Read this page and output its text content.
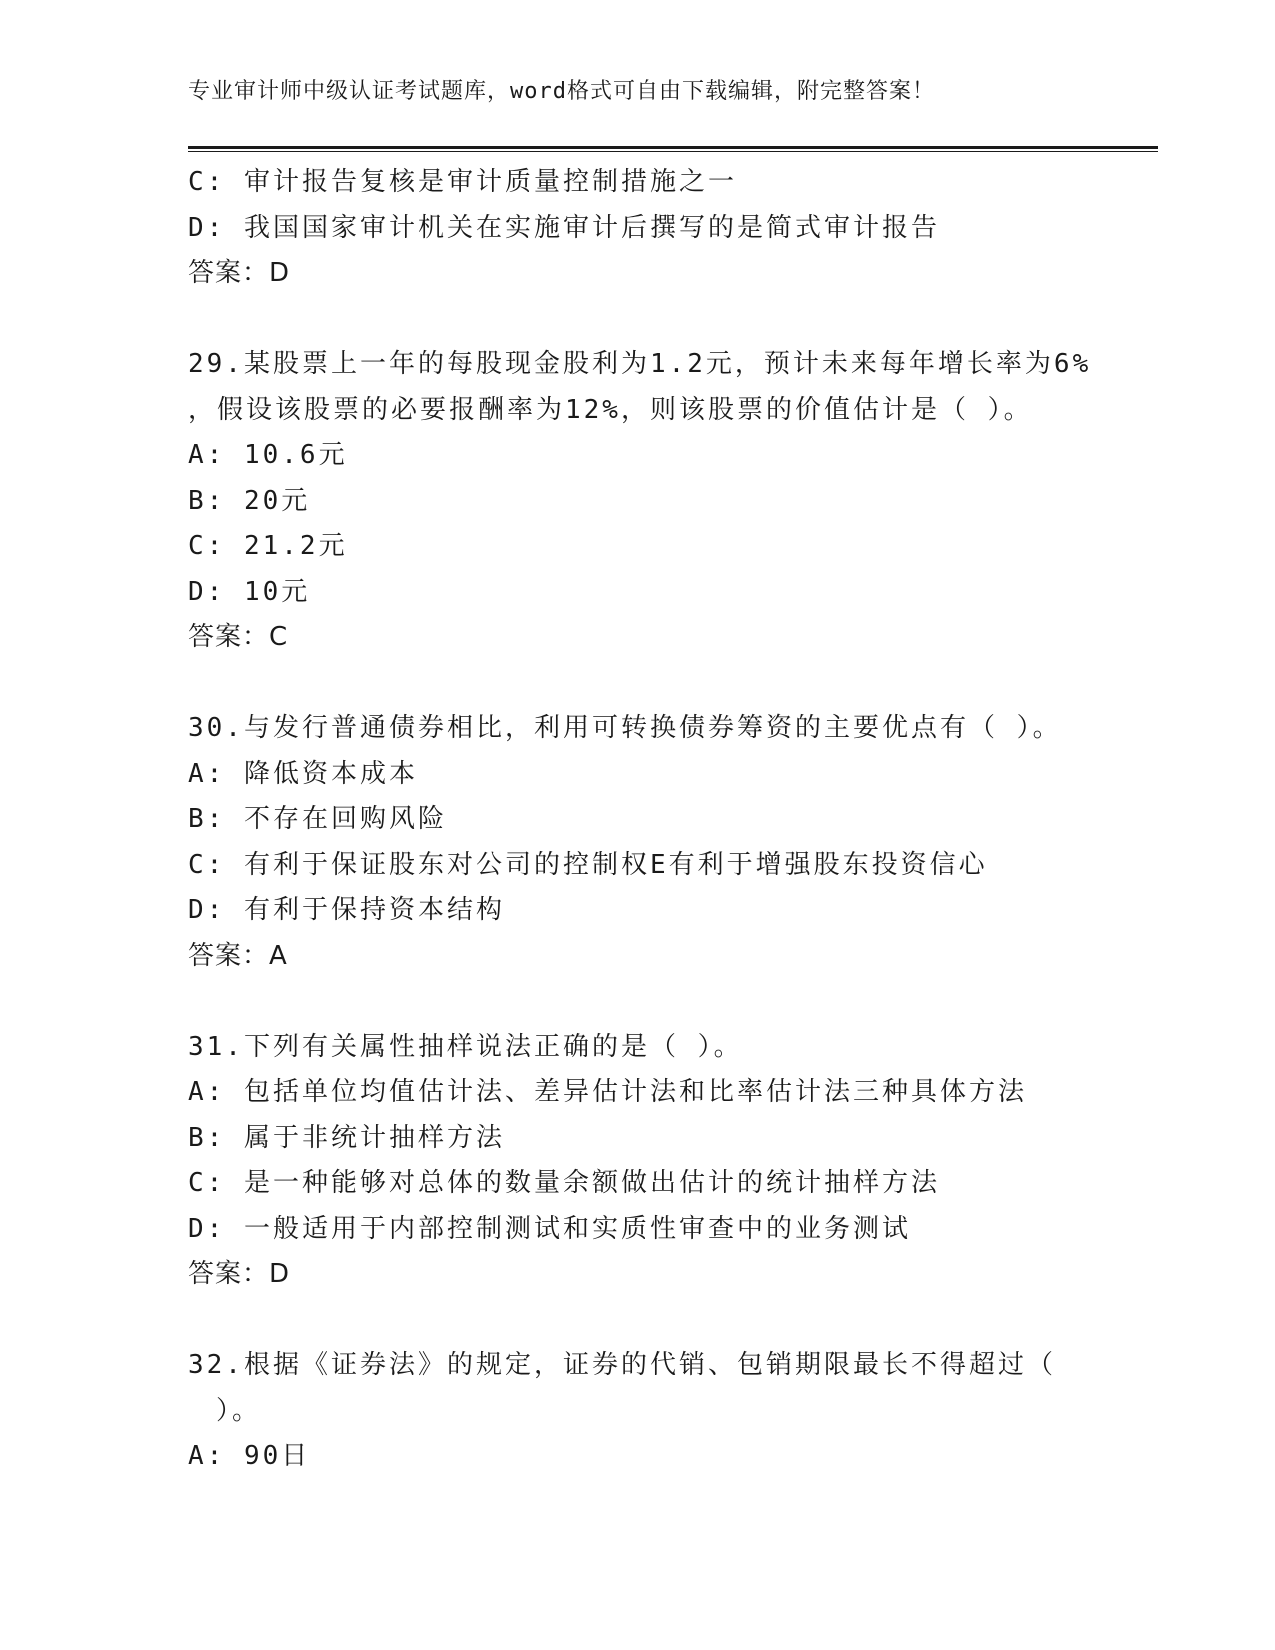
专业审计师中级认证考试题库，word格式可自由下载编辑，附完整答案！
C: 审计报告复核是审计质量控制措施之一
D: 我国国家审计机关在实施审计后撰写的是简式审计报告
答案：D
29.某股票上一年的每股现金股利为1.2元，预计未来每年增长率为6%
，假设该股票的必要报酬率为12%，则该股票的价值估计是（ ）。
A: 10.6元
B: 20元
C: 21.2元
D: 10元
答案：C
30.与发行普通债券相比，利用可转换债券筹资的主要优点有（ ）。
A: 降低资本成本
B: 不存在回购风险
C: 有利于保证股东对公司的控制权E有利于增强股东投资信心
D: 有利于保持资本结构
答案：A
31.下列有关属性抽样说法正确的是（ ）。
A: 包括单位均值估计法、差异估计法和比率估计法三种具体方法
B: 属于非统计抽样方法
C: 是一种能够对总体的数量余额做出估计的统计抽样方法
D: 一般适用于内部控制测试和实质性审查中的业务测试
答案：D
32.根据《证券法》的规定，证券的代销、包销期限最长不得超过（
）。
A: 90日
